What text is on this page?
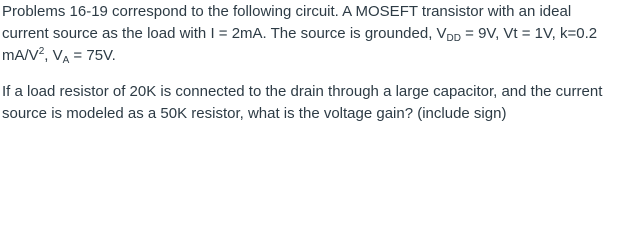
Problems 16-19 correspond to the following circuit. A MOSEFT transistor with an ideal
current source as the load with I = 2mA. The source is grounded, $V_{DD} = 9V$, Vt = 1V, k=0.2
$mA/V^2$, $V_A = 75V$.

If a load resistor of 20K is connected to the drain through a large capacitor, and the current
source is modeled as a 50K resistor, what is the voltage gain? (include sign)
